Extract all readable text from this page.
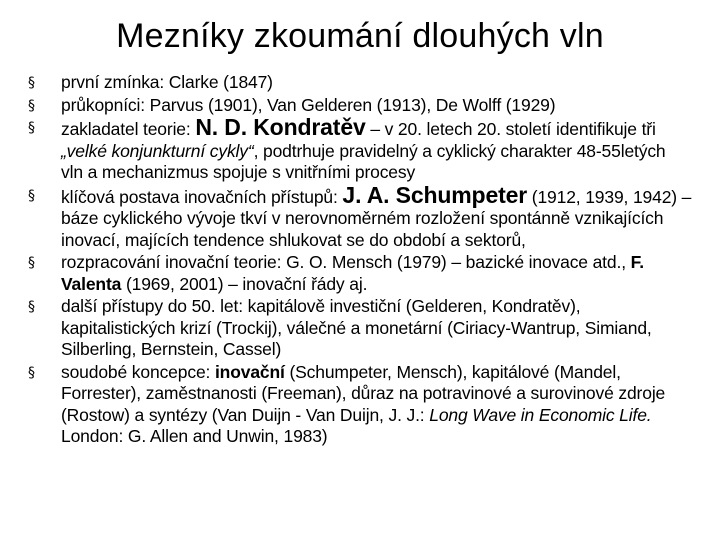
Mezníky zkoumání dlouhých vln
§ první zmínka: Clarke (1847)
§ průkopníci: Parvus (1901), Van Gelderen (1913), De Wolff (1929)
§ zakladatel teorie: N. D. Kondratěv – v 20. letech 20. století identifikuje tři „velké konjunkturní cykly“, podtrhuje pravidelný a cyklický charakter 48-55letých vln a mechanizmus spojuje s vnitřními procesy
§ klíčová postava inovačních přístupů: J. A. Schumpeter (1912, 1939, 1942) – báze cyklického vývoje tkví v nerovnoměrném rozložení spontánně vznikajících inovací, majících tendence shlukovat se do období a sektorů,
§ rozpracování inovační teorie: G. O. Mensch (1979) – bazické inovace atd., F. Valenta (1969, 2001) – inovační řády aj.
§ další přístupy do 50. let: kapitálově investiční (Gelderen, Kondratěv), kapitalistických krizí (Trockij), válečné a monetární (Ciriacy-Wantrup, Simiand, Silberling, Bernstein, Cassel)
§ soudobé koncepce: inovační (Schumpeter, Mensch), kapitálové (Mandel, Forrester), zaměstnanosti (Freeman), důraz na potravinové a surovinové zdroje (Rostow) a syntézy (Van Duijn - Van Duijn, J. J.: Long Wave in Economic Life. London: G. Allen and Unwin, 1983)
